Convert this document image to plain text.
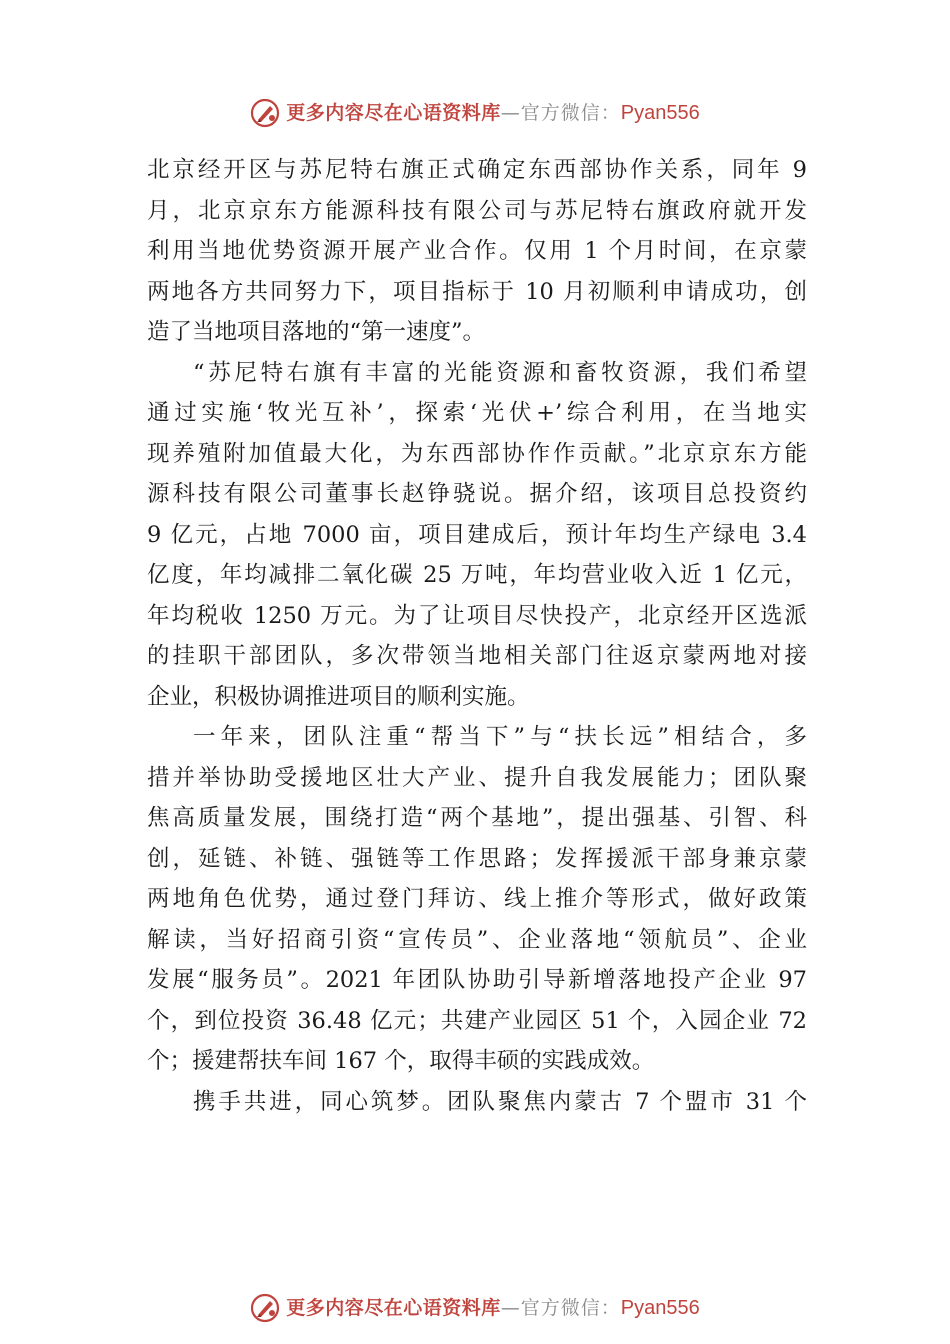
更多内容尽在心语资料库 —官方微信： Pyan556
北京经开区与苏尼特右旗正式确定东西部协作关系，同年 9
月，北京京东方能源科技有限公司与苏尼特右旗政府就开发
利用当地优势资源开展产业合作。仅用 1 个月时间，在京蒙
两地各方共同努力下，项目指标于 10 月初顺利申请成功，创
造了当地项目落地的“第一速度”。
“苏尼特右旗有丰富的光能资源和畜牧资源，我们希望
通过实施‘牧光互补’，探索‘光伏+’综合利用，在当地实
现养殖附加值最大化，为东西部协作作贡献。”北京京东方能
源科技有限公司董事长赵铮骁说。据介绍，该项目总投资约
9 亿元，占地 7000 亩，项目建成后，预计年均生产绿电 3.4
亿度，年均减排二氧化碳 25 万吨，年均营业收入近 1 亿元，
年均税收 1250 万元。为了让项目尽快投产，北京经开区选派
的挂职干部团队，多次带领当地相关部门往返京蒙两地对接
企业，积极协调推进项目的顺利实施。
一年来，团队注重“帮当下”与“扶长远”相结合，多
措并举协助受援地区壮大产业、提升自我发展能力；团队聚
焦高质量发展，围绕打造“两个基地”，提出强基、引智、科
创，延链、补链、强链等工作思路；发挥援派干部身兼京蒙
两地角色优势，通过登门拜访、线上推介等形式，做好政策
解读，当好招商引资“宣传员”、企业落地“领航员”、企业
发展“服务员”。2021 年团队协助引导新增落地投产企业 97
个，到位投资 36.48 亿元；共建产业园区 51 个，入园企业 72
个；援建帮扶车间 167 个，取得丰硕的实践成效。
携手共进，同心筑梦。团队聚焦内蒙古 7 个盟市 31 个
更多内容尽在心语资料库 —官方微信： Pyan556
